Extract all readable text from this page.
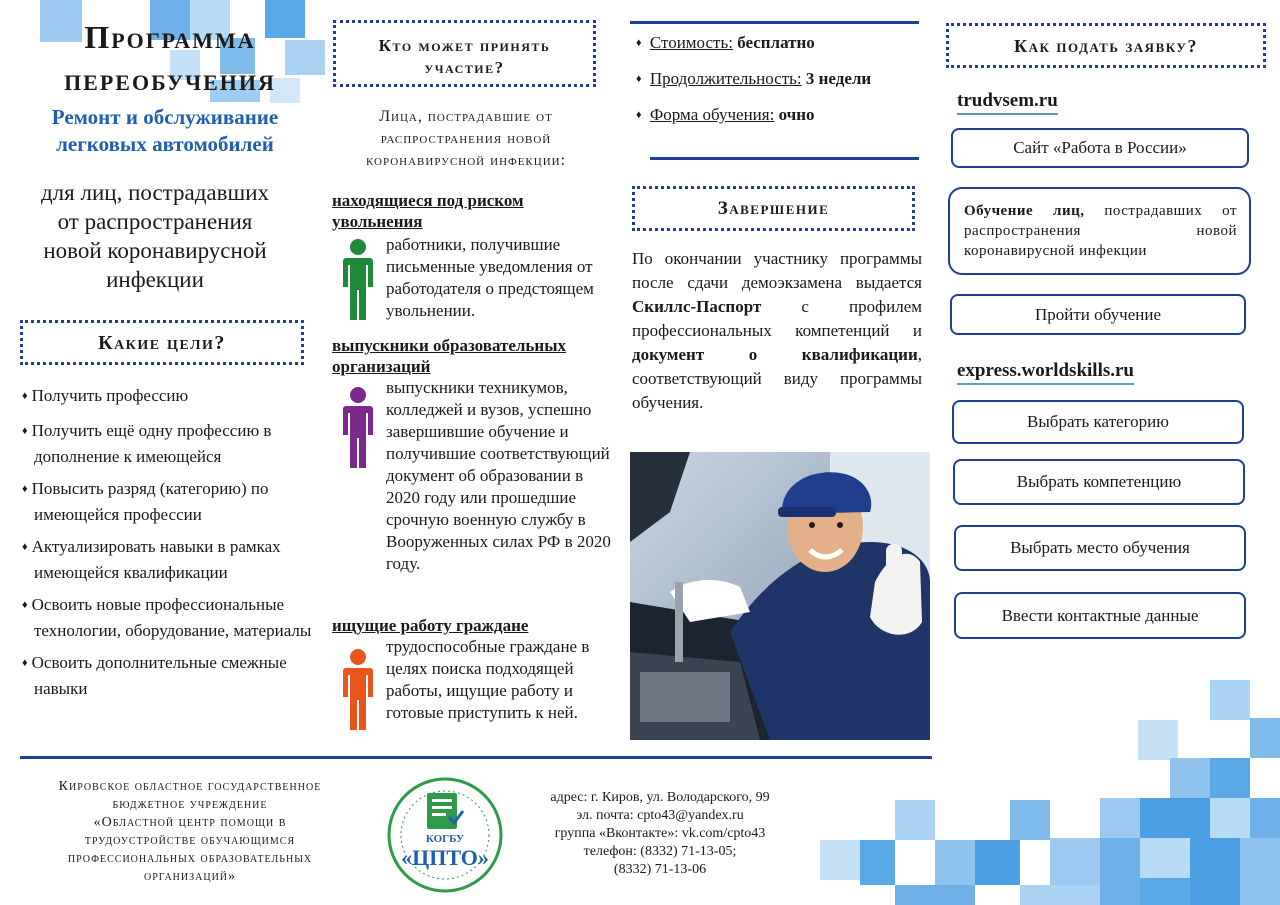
Программа
переобучения
Ремонт и обслуживание
легковых автомобилей
для лиц, пострадавших
от распространения
новой коронавирусной
инфекции
Какие цели?
♦ Получить профессию
♦ Получить ещё одну профессию в дополнение к имеющейся
♦ Повысить разряд (категорию) по имеющейся профессии
♦ Актуализировать навыки в рамках имеющейся квалификации
♦ Освоить новые профессиональные технологии, оборудование, материалы
♦ Освоить дополнительные смежные навыки
Кто может принять участие?
Лица, пострадавшие от распространения новой коронавирусной инфекции:
находящиеся под риском увольнения
работники, получившие письменные уведомления от работодателя о предстоящем увольнении.
выпускники образовательных организаций
выпускники техникумов, колледжей и вузов, успешно завершившие обучение и получившие соответствующий документ об образовании в 2020 году или прошедшие срочную военную службу в Вооруженных силах РФ в 2020 году.
ищущие работу граждане
трудоспособные граждане в целях поиска подходящей работы, ищущие работу и готовые приступить к ней.
♦ Стоимость: бесплатно
♦ Продолжительность: 3 недели
♦ Форма обучения: очно
Завершение
По окончании участнику программы после сдачи демоэкзамена выдается Скиллс-Паспорт с профилем профессиональных компетенций и документ о квалификации, соответствующий виду программы обучения.
Как подать заявку?
trudvsem.ru
Сайт «Работа в России»
Обучение лиц, пострадавших от распространения новой коронавирусной инфекции
Пройти обучение
express.worldskills.ru
Выбрать категорию
Выбрать компетенцию
Выбрать место обучения
Ввести контактные данные
Кировское областное государственное
бюджетное учреждение
«Областной центр помощи в
трудоустройстве обучающимся
профессиональных образовательных
организаций»
КОГБУ
«ЦПТО»
адрес: г. Киров, ул. Володарского, 99
эл. почта: cpto43@yandex.ru
группа «Вконтакте»: vk.com/cpto43
телефон: (8332) 71-13-05;
(8332) 71-13-06
